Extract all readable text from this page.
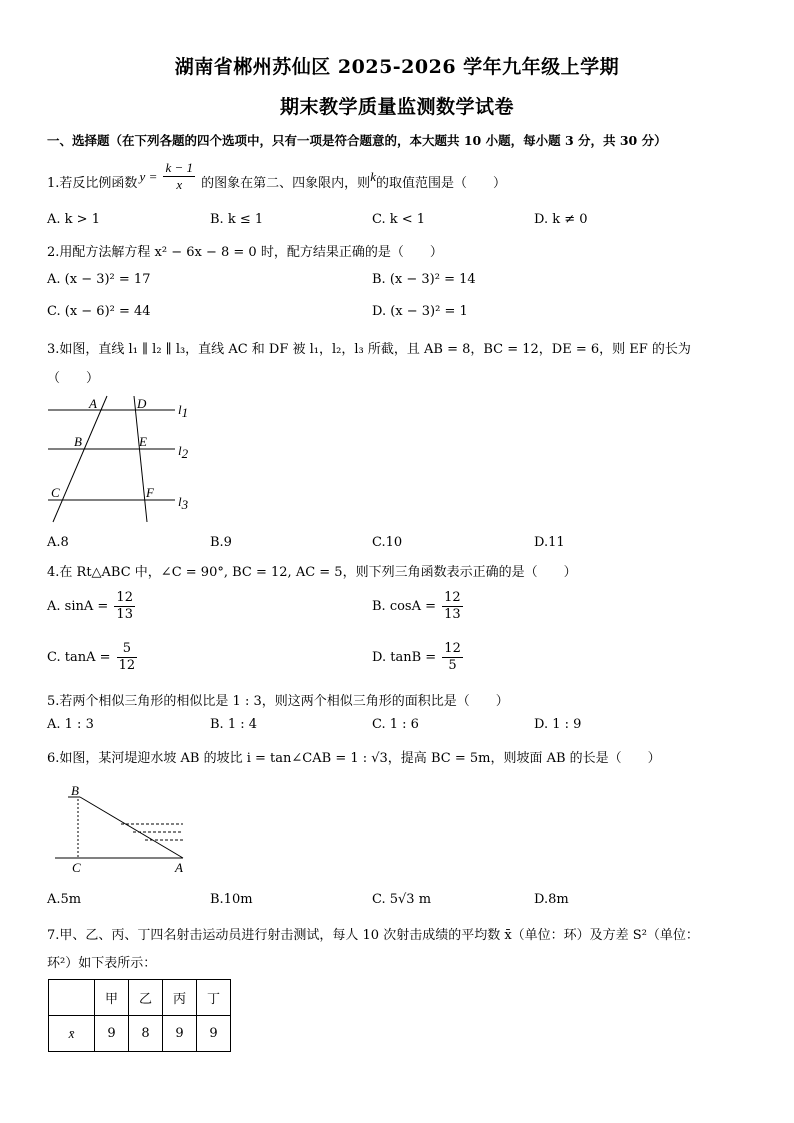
湖南省郴州苏仙区 2025-2026 学年九年级上学期
期末教学质量监测数学试卷
一、选择题（在下列各题的四个选项中，只有一项是符合题意的，本大题共 10 小题，每小题 3 分，共 30 分）
1.若反比例函数 $y = \frac{k - 1}{x}$ 的图象在第二、四象限内，则k的取值范围是（　　）
A. k > 1	B. k ≤ 1	C. k < 1	D. k ≠ 0
2.用配方法解方程 x² − 6x − 8 = 0 时，配方结果正确的是（　　）
A. (x − 3)² = 17	B. (x − 3)² = 14
C. (x − 6)² = 44	D. (x − 3)² = 1
3.如图，直线 l₁ ∥ l₂ ∥ l₃，直线 AC 和 DF 被 l₁，l₂，l₃ 所截，且 AB = 8，BC = 12，DE = 6，则 EF 的长为
（　　）
A	D
B	E
C	F
l1
l2
l3
B
C	A
A.8	B.9	C.10	D.11
4.在 Rt△ABC 中，∠C = 90°, BC = 12, AC = 5，则下列三角函数表示正确的是（　　）
A. $\sin A = \frac{12}{13}$	B. $\cos A = \frac{12}{13}$
C. $\tan A = \frac{5}{12}$	D. $\tan B = \frac{12}{5}$
5.若两个相似三角形的相似比是 1 : 3，则这两个相似三角形的面积比是（　　）
A. 1 : 3	B. 1 : 4	C. 1 : 6	D. 1 : 9
6.如图，某河堤迎水坡 AB 的坡比 i = tan∠CAB = 1 : √3，提高 BC = 5m，则坡面 AB 的长是（　　）
A.5m	B.10m	C. 5√3 m	D.8m
7.甲、乙、丙、丁四名射击运动员进行射击测试，每人 10 次射击成绩的平均数 x̄（单位：环）及方差 S²（单位：
环²）如下表所示：
	甲	乙	丙	丁
x̄	9	8	9	9
